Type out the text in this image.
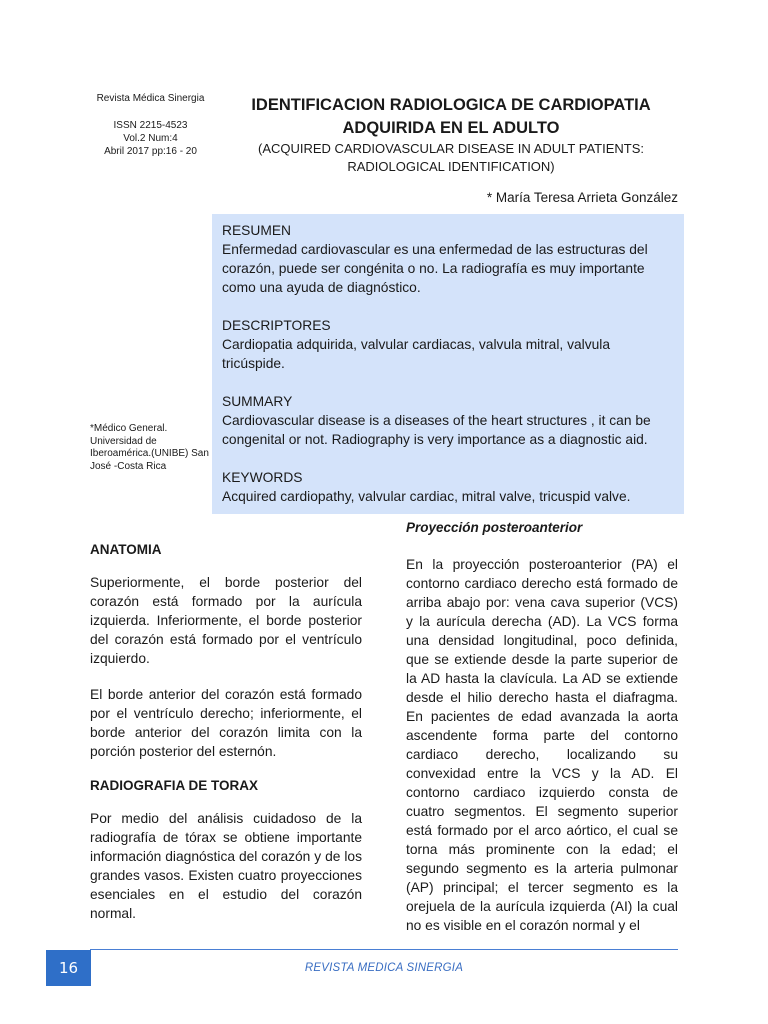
Revista Médica Sinergia
ISSN 2215-4523
Vol.2 Num:4
Abril 2017 pp:16 - 20
IDENTIFICACION RADIOLOGICA DE CARDIOPATIA
ADQUIRIDA EN EL ADULTO
(ACQUIRED CARDIOVASCULAR DISEASE IN ADULT PATIENTS:
RADIOLOGICAL IDENTIFICATION)
* María Teresa Arrieta González
RESUMEN
Enfermedad cardiovascular es una enfermedad de las estructuras del corazón, puede ser congénita o no. La radiografía es muy importante como una ayuda de diagnóstico.
DESCRIPTORES
Cardiopatia adquirida, valvular cardiacas, valvula mitral, valvula tricúspide.
SUMMARY
Cardiovascular disease is a diseases of the heart structures , it can be congenital or not. Radiography is very importance as a diagnostic aid.
KEYWORDS
Acquired cardiopathy, valvular cardiac, mitral valve, tricuspid valve.
*Médico General. Universidad de Iberoamérica.(UNIBE) San José -Costa Rica
ANATOMIA
Superiormente, el borde posterior del corazón está formado por la aurícula izquierda. Inferiormente, el borde posterior del corazón está formado por el ventrículo izquierdo.
El borde anterior del corazón está formado por el ventrículo derecho; inferiormente, el borde anterior del corazón limita con la porción posterior del esternón.
RADIOGRAFIA DE TORAX
Por medio del análisis cuidadoso de la radiografía de tórax se obtiene importante información diagnóstica del corazón y de los grandes vasos. Existen cuatro proyecciones esenciales en el estudio del corazón normal.
Proyección posteroanterior
En la proyección posteroanterior (PA) el contorno cardiaco derecho está formado de arriba abajo por: vena cava superior (VCS) y la aurícula derecha (AD). La VCS forma una densidad longitudinal, poco definida, que se extiende desde la parte superior de la AD hasta la clavícula. La AD se extiende desde el hilio derecho hasta el diafragma. En pacientes de edad avanzada la aorta ascendente forma parte del contorno cardiaco derecho, localizando su convexidad entre la VCS y la AD. El contorno cardiaco izquierdo consta de cuatro segmentos. El segmento superior está formado por el arco aórtico, el cual se torna más prominente con la edad; el segundo segmento es la arteria pulmonar (AP) principal; el tercer segmento es la orejuela de la aurícula izquierda (AI) la cual no es visible en el corazón normal y el
16	REVISTA MEDICA SINERGIA
